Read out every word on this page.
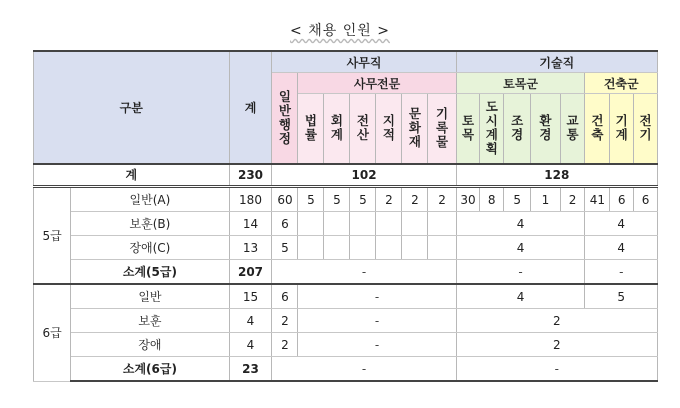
< 채용 인원 >
구분		계	사무직							기술직							
			일반행정	사무전문						토목군					건축군		
				법률	회계	전산	지적	문화재	기록물	토목	도시계획	조경	환경	교통	건축	기계	전기
계		230	102							128							
5급	일반(A)	180	60	5	5	5	2	2	2	30	8	5	1	2	41	6	6
	보훈(B)	14	6							4					4		
	장애(C)	13	5							4					4		
	소계(5급)	207	-							-					-		
6급	일반	15	6	-						4					5		
	보훈	4	2	-						2							
	장애	4	2	-						2							
	소계(6급)	23	-							-							
